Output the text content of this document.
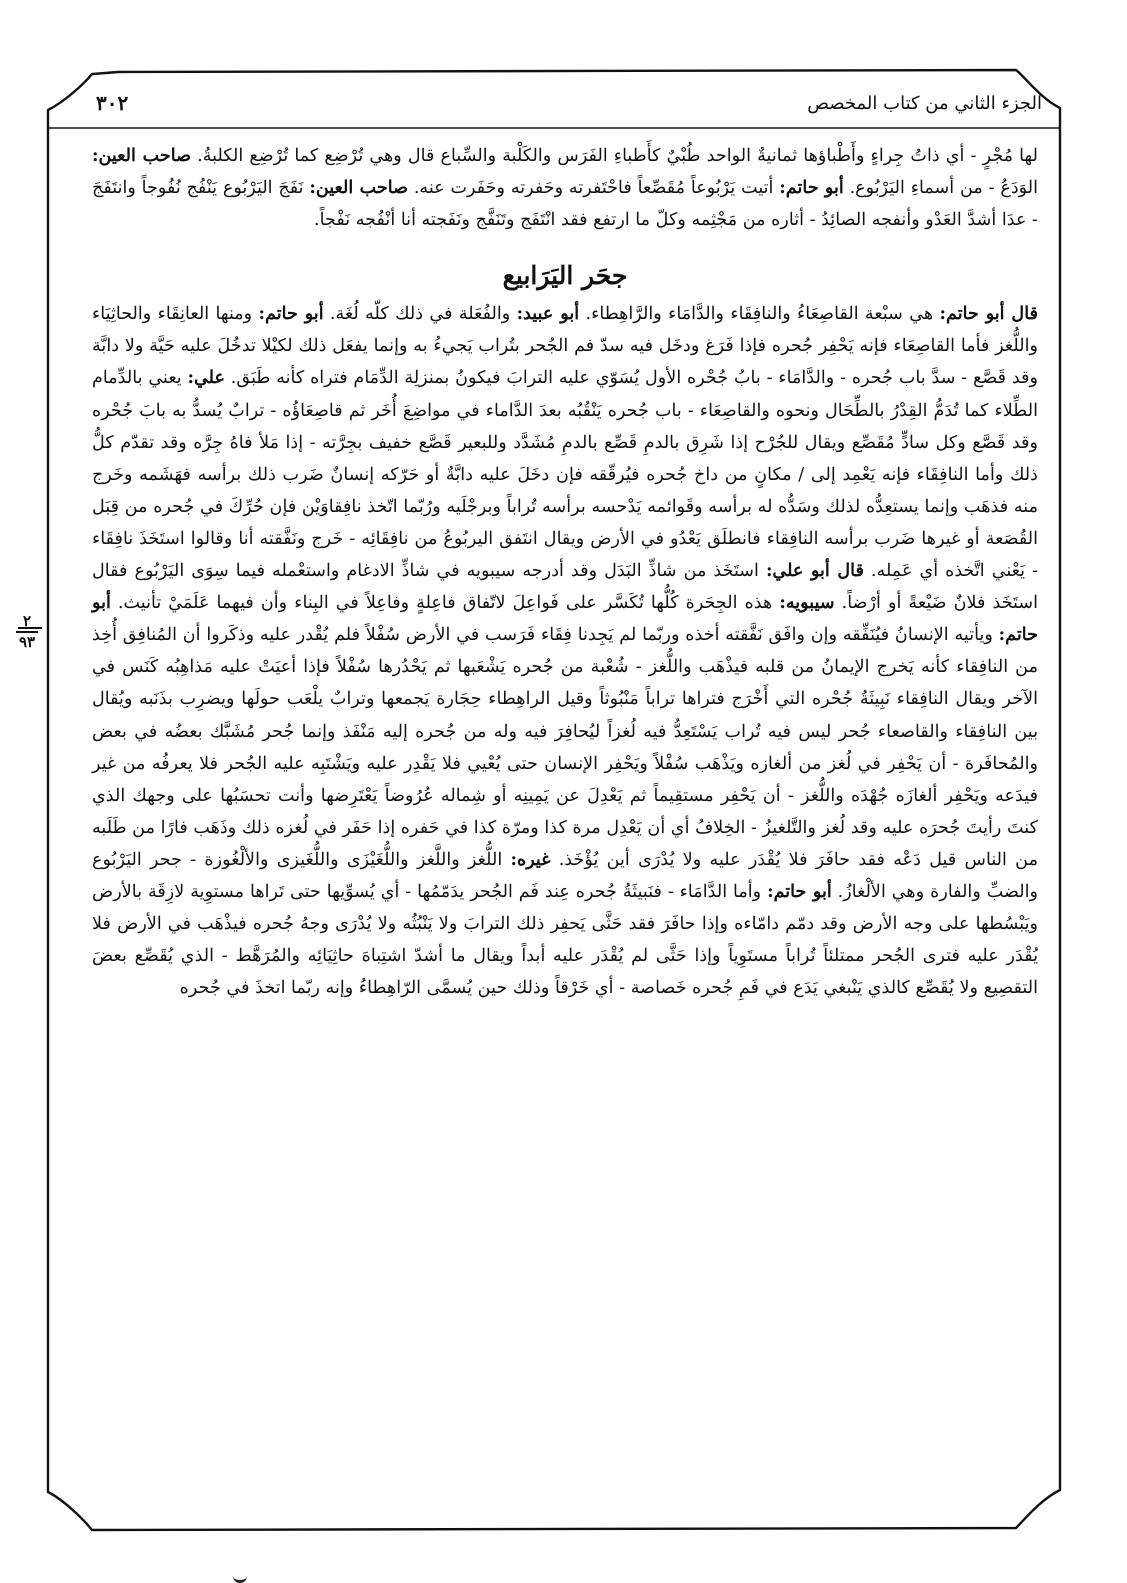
٣٠٢	الجزء الثاني من كتاب المخصص

لها مُجْرٍ - أي ذاتُ جِراءٍ وأَطْباؤها ثمانيةٌ الواحد طُبْيٌ كأَطباءِ الفَرَس والكَلْبة والسِّباع قال وهي تُرْضِع كما تُرْضِع الكلبةُ. صاحب العين: الوَدَعُ - من أسماءِ اليَرْبُوع. أبو حاتم: أتيت يَرْبُوعاً مُقَصِّعاً فاحْتَفرته وحَفرته وحَفَرت عنه. صاحب العين: نَفَجَ اليَرْبُوع يَنْفُج نُفُوجاً وانتَفَجَ - عدَا أشدَّ العَدْو وأنفجه الصائِدُ - أثاره من مَجْثِمه وكلّ ما ارتفع فقد انْتَفَج وتَنَفَّج ونَفَجته أنا أنْفُجه نَفْجاً.

جحَر اليَرَابيع

قال أبو حاتم: هي سبْعة القاصِعَاءُ والنافِقَاء والدَّامَاء والرَّاهِطاء. أبو عبيد: والفُعَلة في ذلك كلّه لُغَة. أبو حاتم: ومنها العانِقَاء والحاثِيَاء واللُّغز فأما القاصِعَاء فإنه يَحْفِر جُحره فإذا فَرَغ ودخَل فيه سدّ فم الجُحر بتُراب يَجيءُ به وإنما يفعَل ذلك لكيْلا تدخُلَ عليه حَيَّة ولا دابَّة وقد قَصَّع - سدَّ باب جُحره - والدَّامَاء - بابُ جُحْره الأول يُسَوّي عليه الترابَ فيكونُ بمنزلِة الدِّمَام فتراه كأنه طَبَق. علي: يعني بالدِّمام الطِّلاء كما تُدَمُّ القِدْرُ بالطِّحَال ونحوه والقاصِعَاء - باب جُحره يَنْقُبُه بعدَ الدَّاماء في مواضِعَ أُخَر ثم قاصِعَاؤُه - ترابٌ يُسدُّ به بابَ جُحْره وقد قَصَّع وكل سادٍّ مُقَصِّع ويقال للجُرْح إذا شَرِق بالدمِ قَصِّع بالدمِ مُشَدَّد وللبعير قَصَّع خفيف بجِرَّته - إذا مَلأ فاهُ جِرَّه وقد تقدّم كلُّ ذلك وأما النافِقَاء فإنه يَعْمِد إلى / مكانٍ من داخ جُحره فيُرقّقه فإن دخَلَ عليه دابَّةٌ أو حَرّكه إنسانٌ ضَرب ذلك برأسه فهَشَمه وخَرج منه فذهَب وإنما يستعِدُّه لذلك وسَدُّه له برأسه وقَوائمه يَدْحسه برأسه تُراباً وبرجْلَيه ورُبّما اتّخذ نافِقاوَيْن فإن حُرِّكَ في جُحره من قِبَل القُصَعة أو غيرها ضَرب برأسه النافِقاء فانطلَق يَعْدُو في الأرض ويقال انتَفق اليربُوعُ من نافِقَائِه - خَرج ونَفَّقته أنا وقالوا استَخَذَ نافِقَاء - يَعْني اتَّخذه أي عَمِله. قال أبو علي: استَخَذ من شاذِّ البَدَل وقد أدرجه سيبويه في شاذِّ الادغام واستعْمله فيما سِوَى اليَرْبُوع فقال استَخَذ فلانٌ ضَيْعةً أو أرْضاً. سيبويه: هذه الجِحَرة كُلُّها تُكَسَّر على فَواعِلَ لاتّفاق فاعِلةٍ وفاعِلاً في البِناء وأن فيهما عَلَمَيْ تأنيث. أبو حاتم: ويأتيه الإنسانُ فيُنَفِّقه وإن وافَق نَفَّقته أخذه وربّما لم يَجِدنا فِقَاء فَرَسب في الأرض سُفْلاً فلم يُقْدر عليه وذكَروا أن المُنافِق أُخِذ من النافِقاء كأنه يَخرج الإيمانُ من قلبه فيذْهَب واللُّغز - شُعْبة من جُحره يَشْعَبها ثم يَحْدُرها سُفْلاً فإذا أعيَتْ عليه مَذاهِبُه كَنَس في الآخر ويقال النافِقاء نَبِيثَةُ جُحْره التي أَخْرَج فتراها تراباً مَنْبُوثاً وقيل الراهِطاء حِجَارة يَجمعها وترابٌ يلْعَب حولَها ويضرِب بذَنَبه ويُقال بين النافِقاء والقاصعاء جُحر ليس فيه تُراب يَسْتَعِدُّ فيه لُغزاً ليُحافِرَ فيه وله من جُحره إليه مَنْفَذ وإنما جُحر مُشَبَّك بعضُه في بعض والمُحافَرة - أن يَحْفِر في لُغز من ألغازه ويَذْهَب سُفْلاً ويَحْفِر الإنسان حتى يُعْيي فلا يَقْدِر عليه ويَشْتَبِه عليه الجُحر فلا يعرفُه من غير فيدَعه ويَحْفِر ألغازَه جُهْدَه واللُّغز - أن يَحْفِر مستقِيماً ثم يَعْدِلَ عن يَمِينِه أو شِماله عُرُوضاً يَعْتَرِضها وأنت تحسَبُها على وجهك الذي كنتَ رأيتَ جُحرَه عليه وقد لُغز والتَّلغيزُ - الخِلافُ أي أن يَعْدِل مرة كذا ومرّة كذا في حَفره إذا حَفَر في لُغزه ذلك وذَهَب فارًا من طَلَبه من الناس قيل دَعْه فقد حافَرَ فلا يُقْدَر عليه ولا يُدْرَى أين يُؤْخَذ. غيره: اللُّغز واللَّغز واللُّغَيْزَى واللُّغَيزى والألْغُوزة - جحر اليَرْبُوع والضبِّ والفارة وهي الألْغازُ. أبو حاتم: وأما الدَّامَاء - فنَبيثَةُ جُحره عِند فَم الجُحر يدَمّمُها - أي يُسوِّيها حتى تَراها مستوِية لازِقَة بالأرض ويَبْسُطها على وجه الأرض وقد دمّم دامّاءه وإذا حافَرَ فقد حَثَّى يَحفِر ذلك الترابَ ولا يَنْبُثُه ولا يُدْرَى وجهُ جُحره فيذْهَب في الأرض فلا يُقْدَر عليه فترى الجُحر ممتلئاً تُراباً مستَوِياً وإذا حَثَّى لم يُقْدَر عليه أبداً ويقال ما أشدّ اشتِباهَ حاثِيَائِه والمُرَهَّط - الذي يُقَصِّع بعضَ التقصِيع ولا يُقَصِّع كالذي يَنْبغي يَدَع في فَمِ جُحره خَصاصة - أي خَرْقاً وذلك حين يُسمَّى الرّاهِطاءُ وإنه ربّما اتخذَ في جُحره

٢
٩٣
